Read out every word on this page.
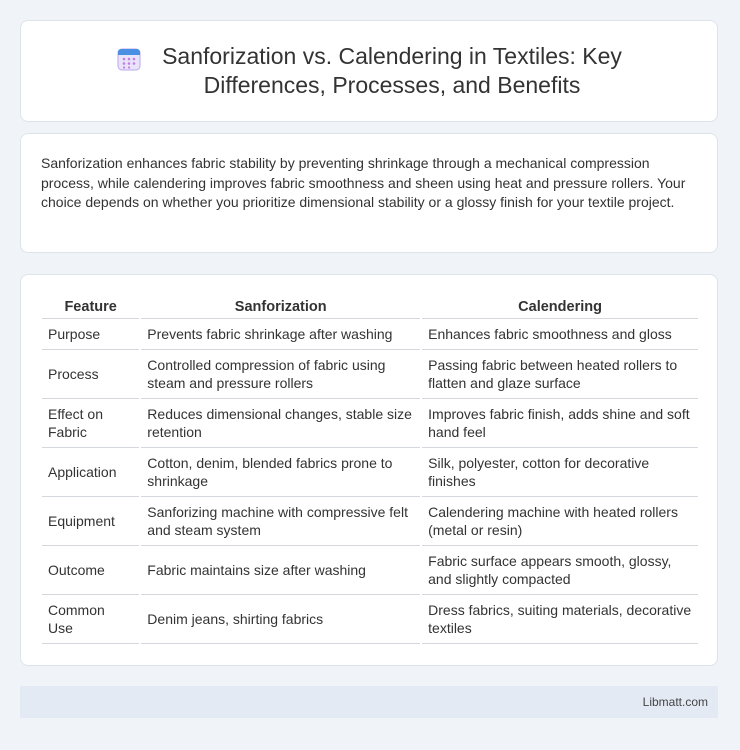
Sanforization vs. Calendering in Textiles: Key
Differences, Processes, and Benefits

Sanforization enhances fabric stability by preventing shrinkage through a mechanical compression process, while calendering improves fabric smoothness and sheen using heat and pressure rollers. Your choice depends on whether you prioritize dimensional stability or a glossy finish for your textile project.

Feature	Sanforization	Calendering
Purpose	Prevents fabric shrinkage after washing	Enhances fabric smoothness and gloss
Process	Controlled compression of fabric using steam and pressure rollers	Passing fabric between heated rollers to flatten and glaze surface
Effect on Fabric	Reduces dimensional changes, stable size retention	Improves fabric finish, adds shine and soft hand feel
Application	Cotton, denim, blended fabrics prone to shrinkage	Silk, polyester, cotton for decorative finishes
Equipment	Sanforizing machine with compressive felt and steam system	Calendering machine with heated rollers (metal or resin)
Outcome	Fabric maintains size after washing	Fabric surface appears smooth, glossy, and slightly compacted
Common Use	Denim jeans, shirting fabrics	Dress fabrics, suiting materials, decorative textiles
Libmatt.com
